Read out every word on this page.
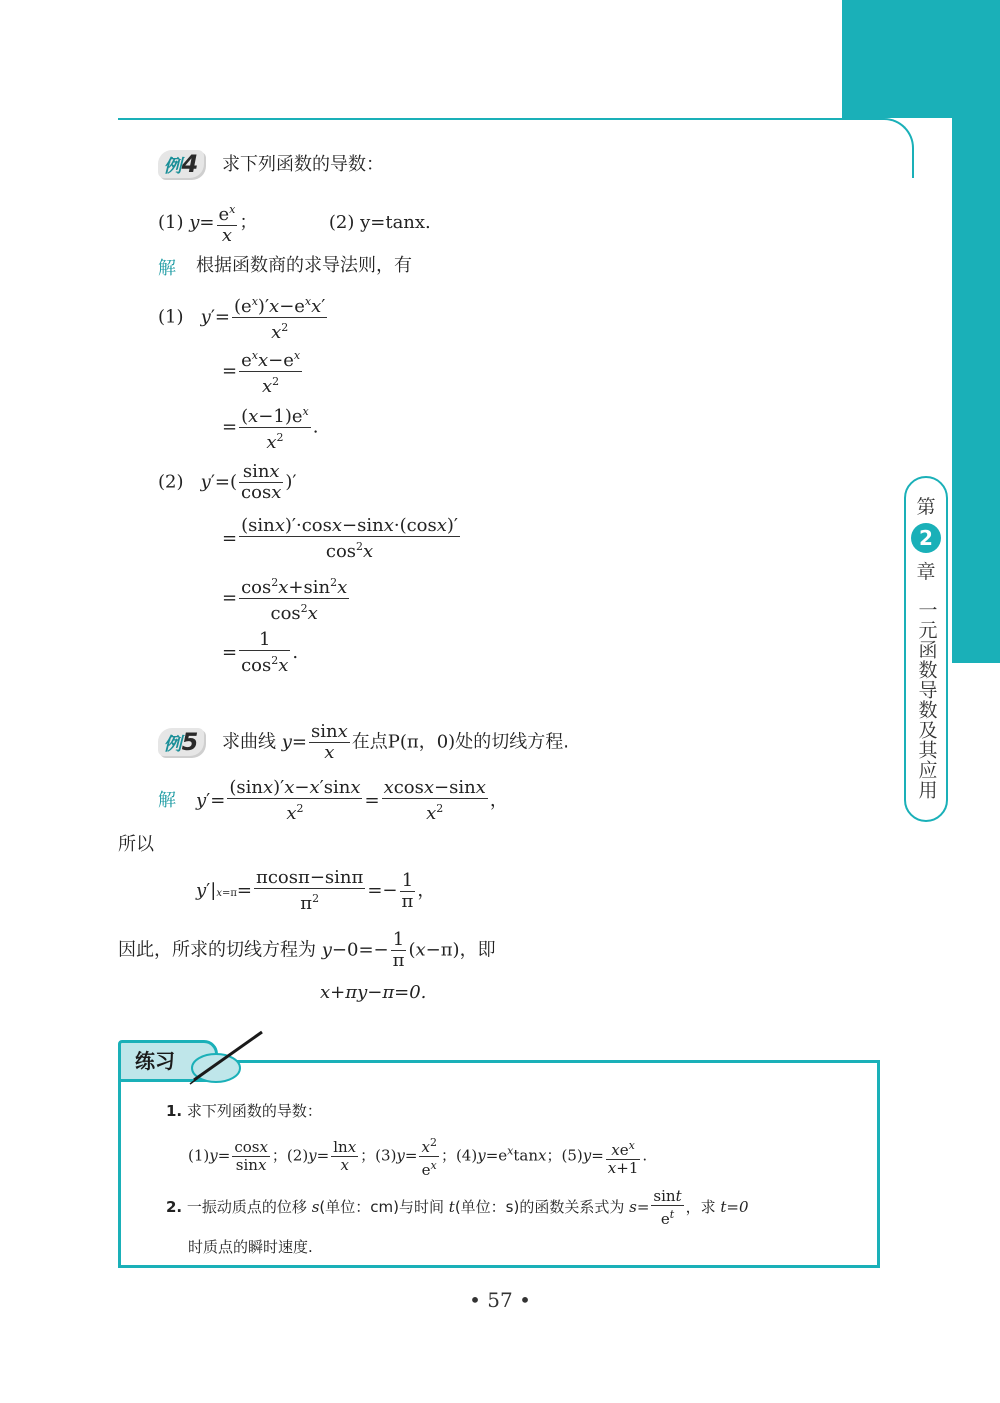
第
2
章
一元函数导数及其应用
例4	求下列函数的导数：
(1) $y= \frac{e^x}{x}$ ；	(2) y=tanx.
解 根据函数商的求导法则，有
(1)   $y'= \frac{(e^x)'x-e^xx'}{x^2}$
= $\frac{e^xx-e^x}{x^2}$
= $\frac{(x-1)e^x}{x^2}$ .
(2)   $y'=( \frac{\sin x}{\cos x}$ )′
= $\frac{(\sin x)'\cdot\cos x-\sin x\cdot(\cos x)'}{\cos^2x}$
= $\frac{\cos^2x+\sin^2x}{\cos^2x}$
= $\frac{1}{\cos^2x}$ .
例5	求曲线 $y= \frac{\sin x}{x}$ 在点P(π，0)处的切线方程.
解 $y'= \frac{(\sin x)'x-x'\sin x}{x^2} = \frac{xcosx-\sin x}{x^2}$ ，
所以
$y'|x=\pi= \frac{\pi\cos\pi-\sin\pi}{\pi^2} =- \frac{1}{\pi}$ ，
因此，所求的切线方程为 $y-0=- \frac{1}{\pi} (x-\pi)$，即
x+πy−π=0.
练习
1. 求下列函数的导数：
$(1)y= \frac{\cos x}{\sin x}$ ；$(2)y= \frac{\ln x}{x}$ ；$(3)y= \frac{x^2}{e^x}$ ；$(4)y=e^x\tan x$；$(5)y= \frac{xe^x}{x+1}$ .
2. 一振动质点的位移 s(单位：cm)与时间 t(单位：s)的函数关系式为 $s= \frac{\sin t}{e^t}$ ，求 t=0
时质点的瞬时速度.
• 57 •
